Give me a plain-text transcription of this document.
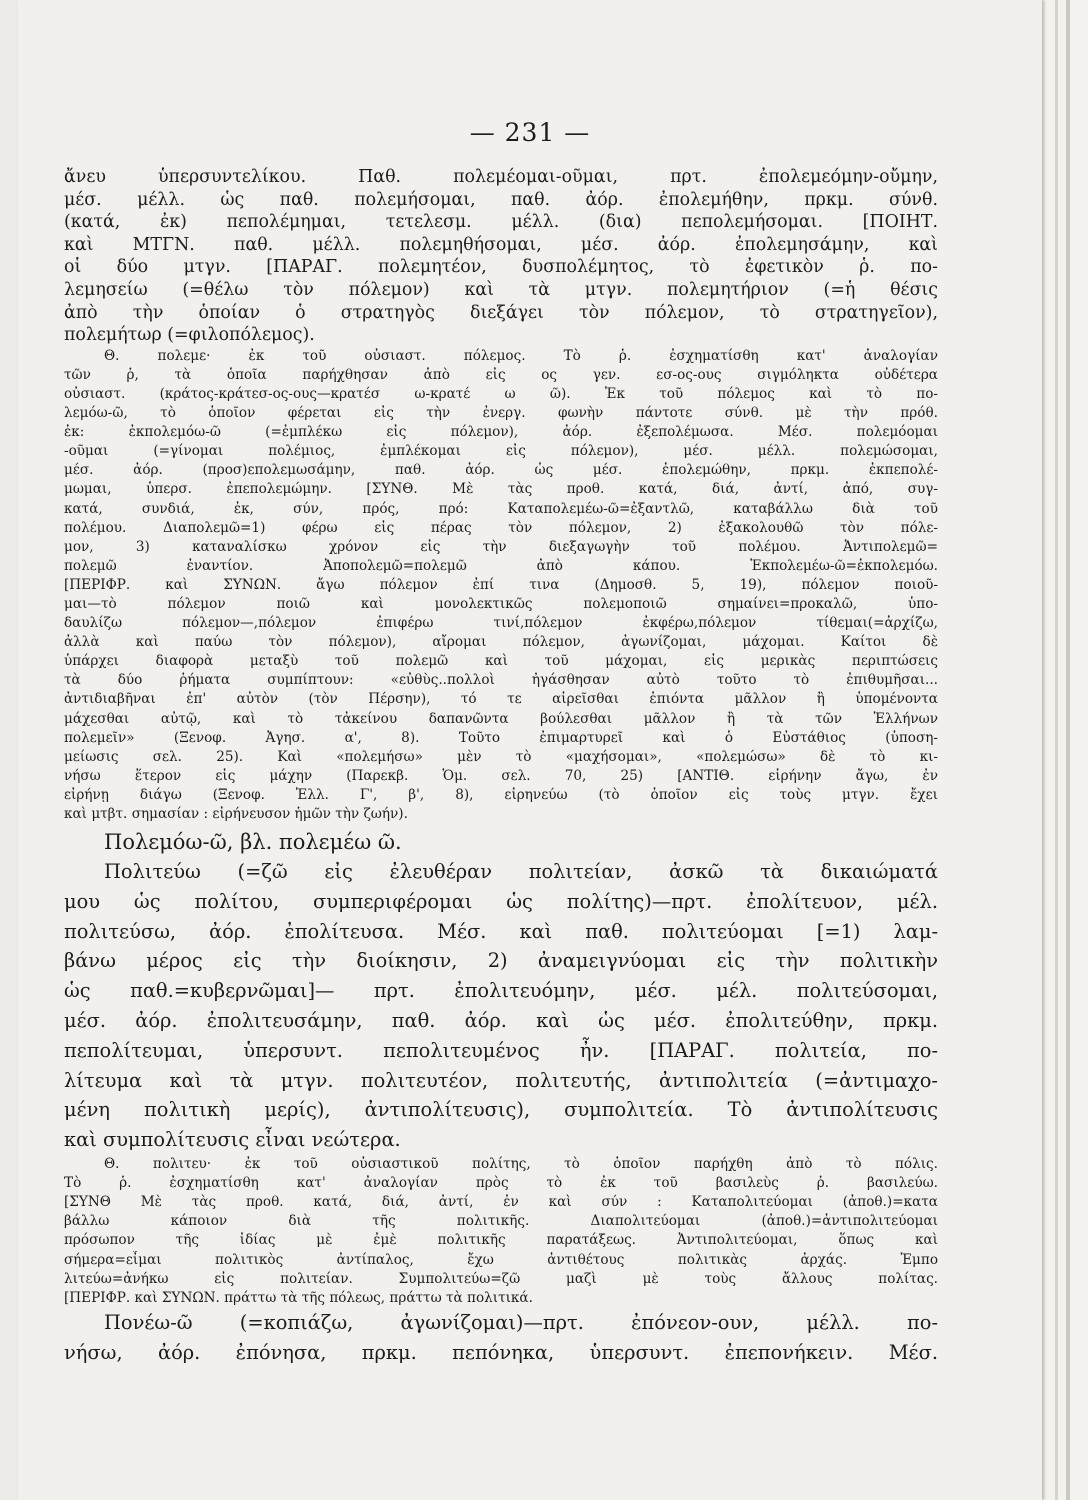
— 231 —
ἄνευ ὑπερσυντελίκου. Παθ. πολεμέομαι-οῦμαι, πρτ. ἐπολεμεόμην-οὔμην,
μέσ. μέλλ. ὡς παθ. πολεμήσομαι, παθ. ἀόρ. ἐπολεμήθην, πρκμ. σύνθ.
(κατά, ἐκ) πεπολέμημαι, τετελεσμ. μέλλ. (δια) πεπολεμήσομαι. [ΠΟΙΗΤ.
καὶ ΜΤΓΝ. παθ. μέλλ. πολεμηθήσομαι, μέσ. ἀόρ. ἐπολεμησάμην, καὶ
οἱ δύο μτγν. [ΠΑΡΑΓ. πολεμητέον, δυσπολέμητος, τὸ ἐφετικὸν ῥ. πο-
λεμησείω (=θέλω τὸν πόλεμον) καὶ τὰ μτγν. πολεμητήριον (=ἡ θέσις
ἀπὸ τὴν ὁποίαν ὁ στρατηγὸς διεξάγει τὸν πόλεμον, τὸ στρατηγεῖον),
πολεμήτωρ (=φιλοπόλεμος).
Θ. πολεμε· ἐκ τοῦ οὐσιαστ. πόλεμος. Τὸ ῥ. ἐσχηματίσθη κατ' ἀναλογίαν
τῶν ῥ, τὰ ὁποῖα παρήχθησαν ἀπὸ εἰς ος γεν. εσ-ος-ους σιγμόληκτα οὐδέτερα
οὐσιαστ. (κράτος-κράτεσ-ος-ους—κρατέσ ω-κρατέ ω ῶ). Ἐκ τοῦ πόλεμος καὶ τὸ πο-
λεμόω-ῶ, τὸ ὁποῖον φέρεται εἰς τὴν ἐνεργ. φωνὴν πάντοτε σύνθ. μὲ τὴν πρόθ.
ἐκ: ἐκπολεμόω-ῶ (=ἐμπλέκω εἰς πόλεμον), ἀόρ. ἐξεπολέμωσα. Μέσ. πολεμόομαι
-οῦμαι (=γίνομαι πολέμιος, ἐμπλέκομαι εἰς πόλεμον), μέσ. μέλλ. πολεμώσομαι,
μέσ. ἀόρ. (προσ)επολεμωσάμην, παθ. ἀόρ. ὡς μέσ. ἐπολεμώθην, πρκμ. ἐκπεπολέ-
μωμαι, ὑπερσ. ἐπεπολεμώμην. [ΣΥΝΘ. Μὲ τὰς προθ. κατά, διά, ἀντί, ἀπό, συγ-
κατά, συνδιά, ἐκ, σύν, πρός, πρό: Καταπολεμέω-ῶ=ἐξαντλῶ, καταβάλλω διὰ τοῦ
πολέμου. Διαπολεμῶ=1) φέρω εἰς πέρας τὸν πόλεμον, 2) ἐξακολουθῶ τὸν πόλε-
μον, 3) καταναλίσκω χρόνον εἰς τὴν διεξαγωγὴν τοῦ πολέμου. Ἀντιπολεμῶ=
πολεμῶ ἐναντίον. Ἀποπολεμῶ=πολεμῶ ἀπὸ κάπου. Ἐκπολεμέω-ῶ=ἐκπολεμόω.
[ΠΕΡΙΦΡ. καὶ ΣΥΝΩΝ. ἄγω πόλεμον ἐπί τινα (Δημοσθ. 5, 19), πόλεμον ποιοῦ-
μαι—τὸ πόλεμον ποιῶ καὶ μονολεκτικῶς πολεμοποιῶ σημαίνει=προκαλῶ, ὑπο-
δαυλίζω πόλεμον—,πόλεμον ἐπιφέρω τινί,πόλεμον ἐκφέρω,πόλεμον τίθεμαι(=ἀρχίζω,
ἀλλὰ καὶ παύω τὸν πόλεμον), αἴρομαι πόλεμον, ἀγωνίζομαι, μάχομαι. Καίτοι δὲ
ὑπάρχει διαφορὰ μεταξὺ τοῦ πολεμῶ καὶ τοῦ μάχομαι, εἰς μερικὰς περιπτώσεις
τὰ δύο ῥήματα συμπίπτουν: «εὐθὺς..πολλοὶ ἠγάσθησαν αὐτὸ τοῦτο τὸ ἐπιθυμῆσαι...
ἀντιδιαβῆναι ἐπ' αὐτὸν (τὸν Πέρσην), τό τε αἱρεῖσθαι ἐπιόντα μᾶλλον ἢ ὑπομένοντα
μάχεσθαι αὐτῷ, καὶ τὸ τἀκείνου δαπανῶντα βούλεσθαι μᾶλλον ἢ τὰ τῶν Ἑλλήνων
πολεμεῖν» (Ξενοφ. Ἀγησ. α', 8). Τοῦτο ἐπιμαρτυρεῖ καὶ ὁ Εὐστάθιος (ὑποση-
μείωσις σελ. 25). Καὶ «πολεμήσω» μὲν τὸ «μαχήσομαι», «πολεμώσω» δὲ τὸ κι-
νήσω ἕτερον εἰς μάχην (Παρεκβ. Ὁμ. σελ. 70, 25) [ΑΝΤΙΘ. εἰρήνην ἄγω, ἐν
εἰρήνῃ διάγω (Ξενοφ. Ἑλλ. Γ', β', 8), εἰρηνεύω (τὸ ὁποῖον εἰς τοὺς μτγν. ἔχει
καὶ μτβτ. σημασίαν : εἰρήνευσον ἡμῶν τὴν ζωήν).
Πολεμόω-ῶ, βλ. πολεμέω ῶ.
Πολιτεύω (=ζῶ εἰς ἐλευθέραν πολιτείαν, ἀσκῶ τὰ δικαιώματά
μου ὡς πολίτου, συμπεριφέρομαι ὡς πολίτης)—πρτ. ἐπολίτευον, μέλ.
πολιτεύσω, ἀόρ. ἐπολίτευσα. Μέσ. καὶ παθ. πολιτεύομαι [=1) λαμ-
βάνω μέρος εἰς τὴν διοίκησιν, 2) ἀναμειγνύομαι εἰς τὴν πολιτικὴν
ὡς παθ.=κυβερνῶμαι]— πρτ. ἐπολιτευόμην, μέσ. μέλ. πολιτεύσομαι,
μέσ. ἀόρ. ἐπολιτευσάμην, παθ. ἀόρ. καὶ ὡς μέσ. ἐπολιτεύθην, πρκμ.
πεπολίτευμαι, ὑπερσυντ. πεπολιτευμένος ἦν. [ΠΑΡΑΓ. πολιτεία, πο-
λίτευμα καὶ τὰ μτγν. πολιτευτέον, πολιτευτής, ἀντιπολιτεία (=ἀντιμαχο-
μένη πολιτικὴ μερίς), ἀντιπολίτευσις), συμπολιτεία. Τὸ ἀντιπολίτευσις
καὶ συμπολίτευσις εἶναι νεώτερα.
Θ. πολιτευ· ἐκ τοῦ οὐσιαστικοῦ πολίτης, τὸ ὁποῖον παρήχθη ἀπὸ τὸ πόλις.
Τὸ ῥ. ἐσχηματίσθη κατ' ἀναλογίαν πρὸς τὸ ἐκ τοῦ βασιλεὺς ῥ. βασιλεύω.
[ΣΥΝΘ Μὲ τὰς προθ. κατά, διά, ἀντί, ἐν καὶ σύν : Καταπολιτεύομαι (ἀποθ.)=κατα
βάλλω κάποιον διὰ τῆς πολιτικῆς. Διαπολιτεύομαι (ἀποθ.)=ἀντιπολιτεύομαι
πρόσωπον τῆς ἰδίας μὲ ἐμὲ πολιτικῆς παρατάξεως. Ἀντιπολιτεύομαι, ὅπως καὶ
σήμερα=εἶμαι πολιτικὸς ἀντίπαλος, ἔχω ἀντιθέτους πολιτικὰς ἀρχάς. Ἐμπο
λιτεύω=ἀνήκω εἰς πολιτείαν. Συμπολιτεύω=ζῶ μαζὶ μὲ τοὺς ἄλλους πολίτας.
[ΠΕΡΙΦΡ. καὶ ΣΥΝΩΝ. πράττω τὰ τῆς πόλεως, πράττω τὰ πολιτικά.
Πονέω-ῶ (=κοπιάζω, ἀγωνίζομαι)—πρτ. ἐπόνεον-ουν, μέλλ. πο-
νήσω, ἀόρ. ἐπόνησα, πρκμ. πεπόνηκα, ὑπερσυντ. ἐπεπονήκειν. Μέσ.
